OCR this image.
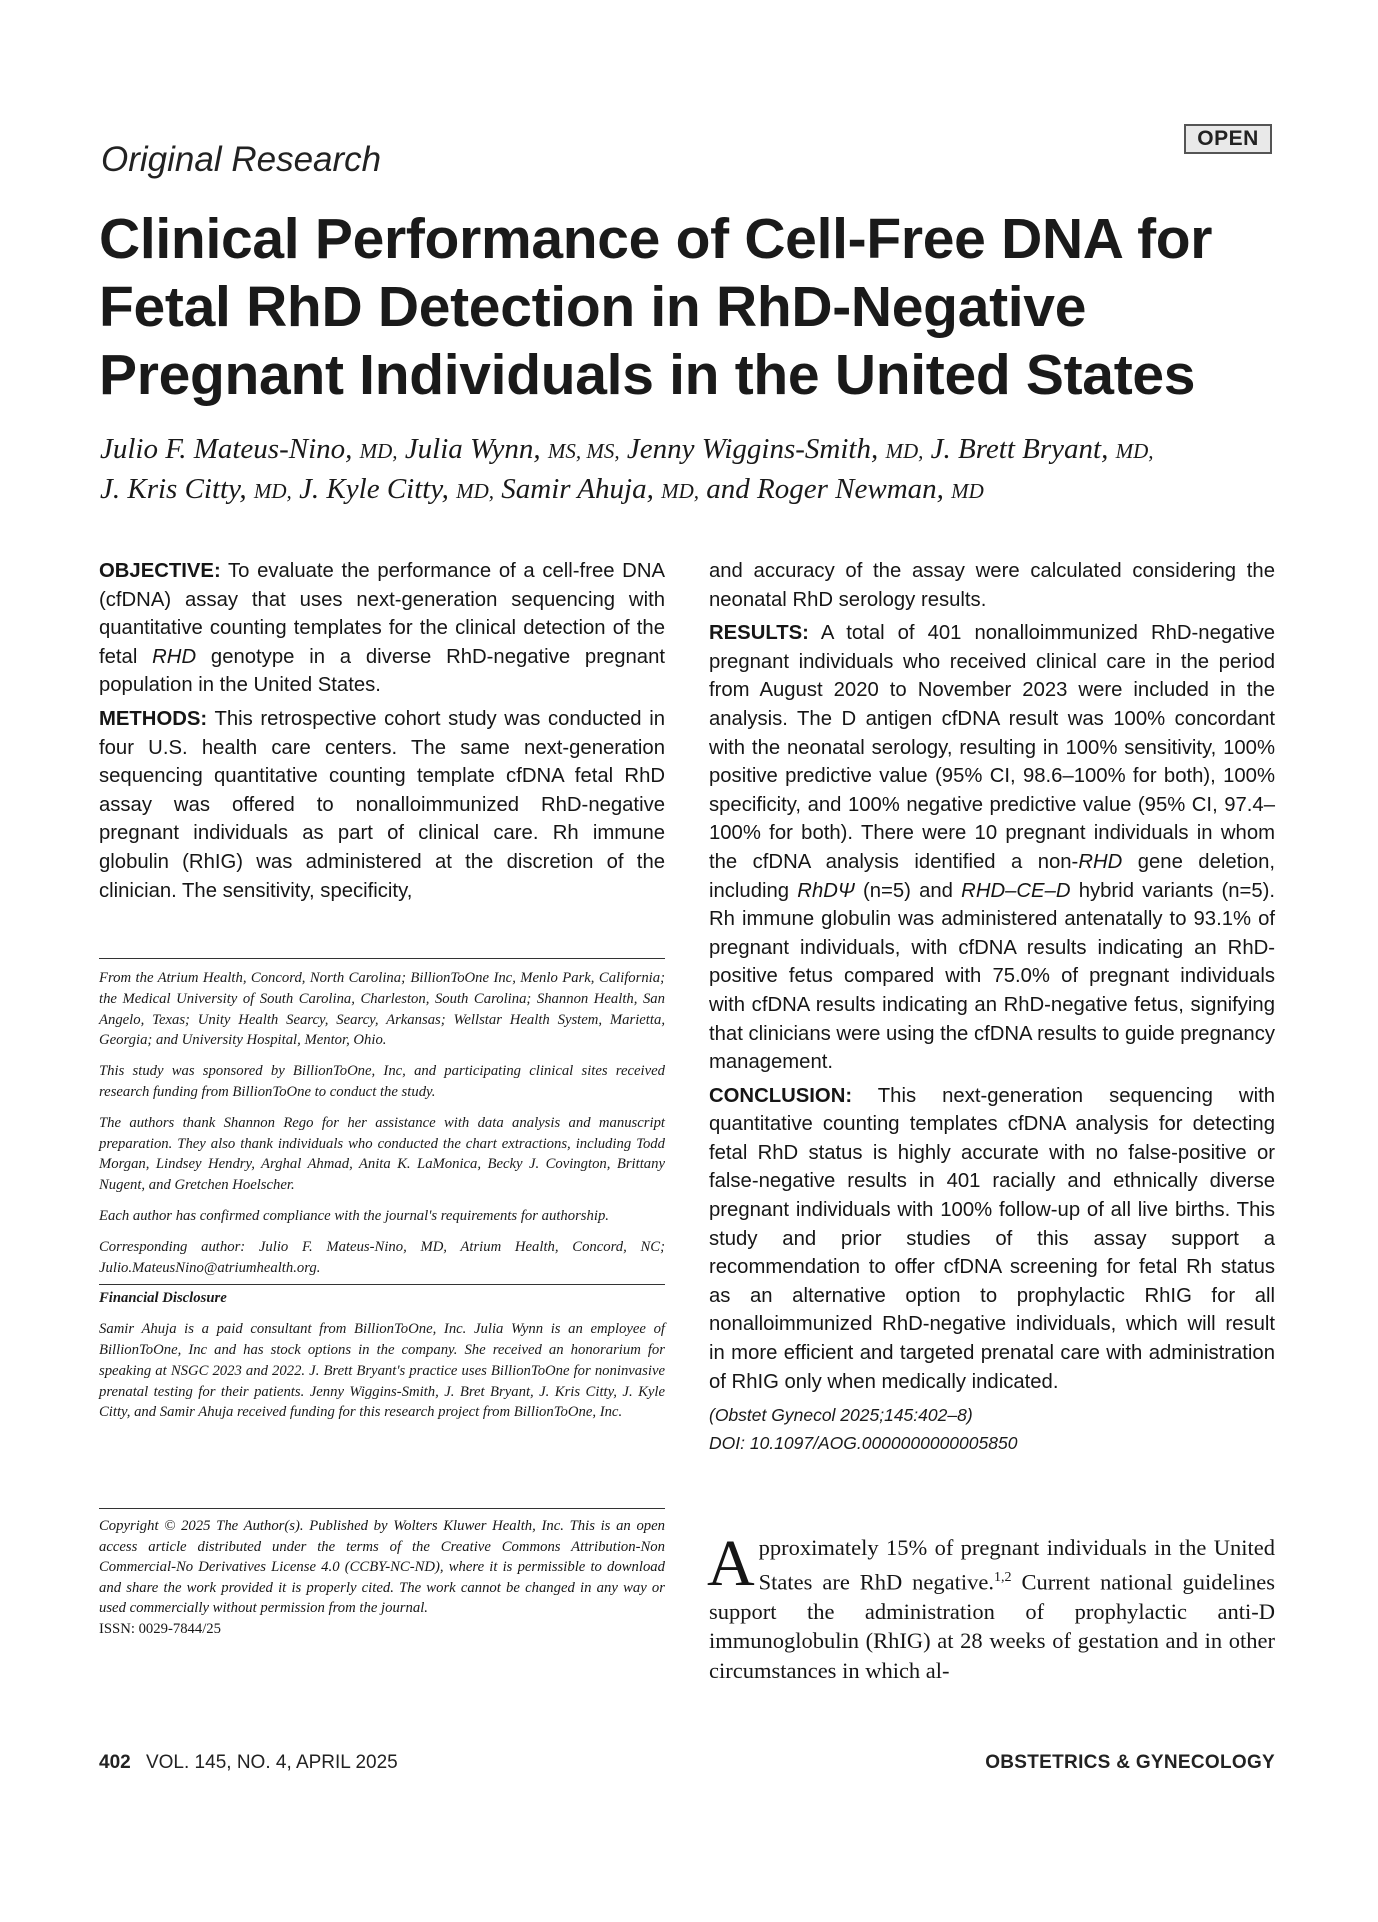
OPEN
Original Research
Clinical Performance of Cell-Free DNA for
Fetal RhD Detection in RhD-Negative
Pregnant Individuals in the United States
Julio F. Mateus-Nino, MD, Julia Wynn, MS, MS, Jenny Wiggins-Smith, MD, J. Brett Bryant, MD,
J. Kris Citty, MD, J. Kyle Citty, MD, Samir Ahuja, MD, and Roger Newman, MD

OBJECTIVE: To evaluate the performance of a cell-free DNA (cfDNA) assay that uses next-generation sequencing with quantitative counting templates for the clinical detection of the fetal RHD genotype in a diverse RhD-negative pregnant population in the United States.

METHODS: This retrospective cohort study was conducted in four U.S. health care centers. The same next-generation sequencing quantitative counting template cfDNA fetal RhD assay was offered to nonalloimmunized RhD-negative pregnant individuals as part of clinical care. Rh immune globulin (RhIG) was administered at the discretion of the clinician. The sensitivity, specificity,

From the Atrium Health, Concord, North Carolina; BillionToOne Inc, Menlo Park, California; the Medical University of South Carolina, Charleston, South Carolina; Shannon Health, San Angelo, Texas; Unity Health Searcy, Searcy, Arkansas; Wellstar Health System, Marietta, Georgia; and University Hospital, Mentor, Ohio.

This study was sponsored by BillionToOne, Inc, and participating clinical sites received research funding from BillionToOne to conduct the study.

The authors thank Shannon Rego for her assistance with data analysis and manuscript preparation. They also thank individuals who conducted the chart extractions, including Todd Morgan, Lindsey Hendry, Arghal Ahmad, Anita K. LaMonica, Becky J. Covington, Brittany Nugent, and Gretchen Hoelscher.

Each author has confirmed compliance with the journal's requirements for authorship.

Corresponding author: Julio F. Mateus-Nino, MD, Atrium Health, Concord, NC; Julio.MateusNino@atriumhealth.org.

Financial Disclosure

Samir Ahuja is a paid consultant from BillionToOne, Inc. Julia Wynn is an employee of BillionToOne, Inc and has stock options in the company. She received an honorarium for speaking at NSGC 2023 and 2022. J. Brett Bryant's practice uses BillionToOne for noninvasive prenatal testing for their patients. Jenny Wiggins-Smith, J. Bret Bryant, J. Kris Citty, J. Kyle Citty, and Samir Ahuja received funding for this research project from BillionToOne, Inc.

Copyright © 2025 The Author(s). Published by Wolters Kluwer Health, Inc. This is an open access article distributed under the terms of the Creative Commons Attribution-Non Commercial-No Derivatives License 4.0 (CCBY-NC-ND), where it is permissible to download and share the work provided it is properly cited. The work cannot be changed in any way or used commercially without permission from the journal.

ISSN: 0029-7844/25

and accuracy of the assay were calculated considering the neonatal RhD serology results.

RESULTS: A total of 401 nonalloimmunized RhD-negative pregnant individuals who received clinical care in the period from August 2020 to November 2023 were included in the analysis. The D antigen cfDNA result was 100% concordant with the neonatal serology, resulting in 100% sensitivity, 100% positive predictive value (95% CI, 98.6–100% for both), 100% specificity, and 100% negative predictive value (95% CI, 97.4–100% for both). There were 10 pregnant individuals in whom the cfDNA analysis identified a non-RHD gene deletion, including RhDΨ (n=5) and RHD–CE–D hybrid variants (n=5). Rh immune globulin was administered antenatally to 93.1% of pregnant individuals, with cfDNA results indicating an RhD-positive fetus compared with 75.0% of pregnant individuals with cfDNA results indicating an RhD-negative fetus, signifying that clinicians were using the cfDNA results to guide pregnancy management.

CONCLUSION: This next-generation sequencing with quantitative counting templates cfDNA analysis for detecting fetal RhD status is highly accurate with no false-positive or false-negative results in 401 racially and ethnically diverse pregnant individuals with 100% follow-up of all live births. This study and prior studies of this assay support a recommendation to offer cfDNA screening for fetal Rh status as an alternative option to prophylactic RhIG for all nonalloimmunized RhD-negative individuals, which will result in more efficient and targeted prenatal care with administration of RhIG only when medically indicated.

(Obstet Gynecol 2025;145:402–8)
DOI: 10.1097/AOG.0000000000005850

Approximately 15% of pregnant individuals in the United States are RhD negative.$^{1,2}$ Current national guidelines support the administration of prophylactic anti-D immunoglobulin (RhIG) at 28 weeks of gestation and in other circumstances in which al-

402 VOL. 145, NO. 4, APRIL 2025	OBSTETRICS & GYNECOLOGY
